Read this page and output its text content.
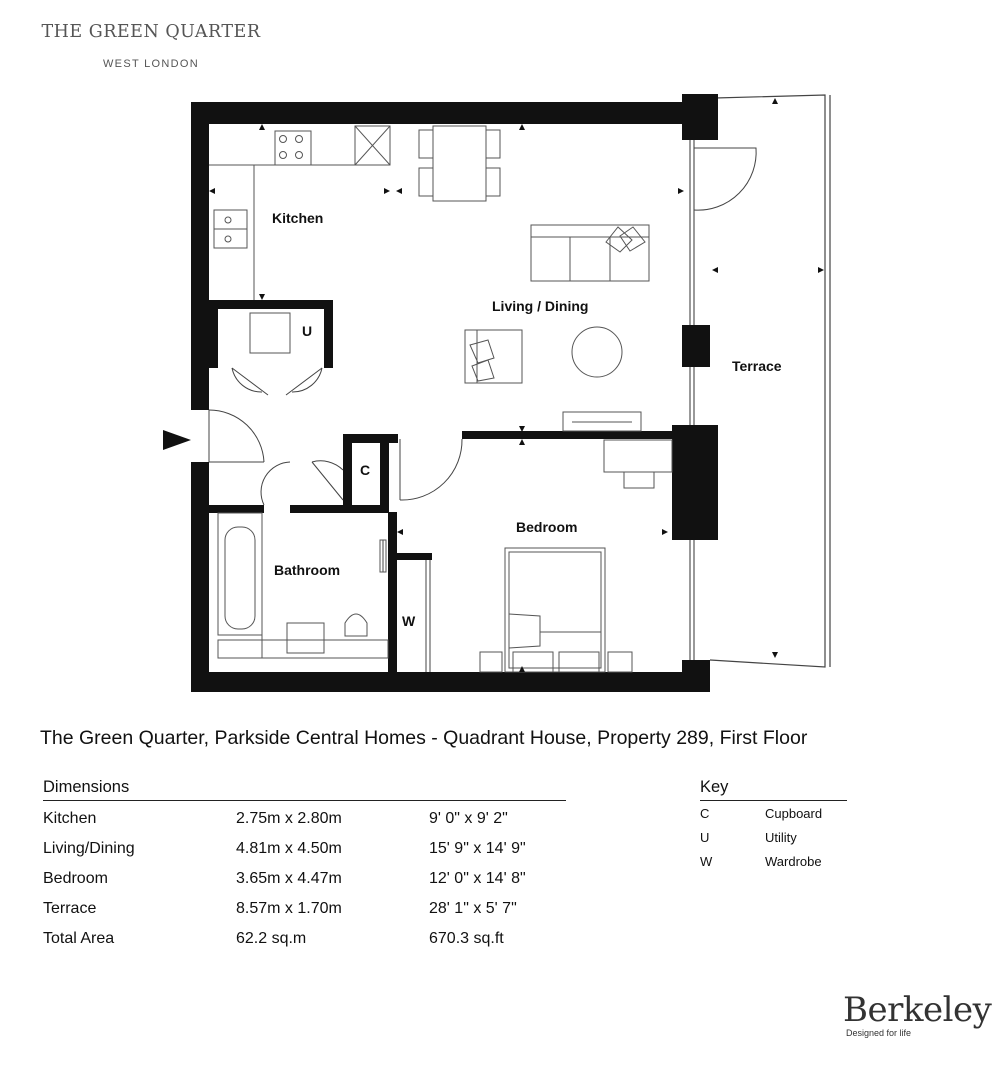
THE GREEN QUARTER
WEST LONDON
Kitchen
Living / Dining
Terrace
Bedroom
Bathroom
U
C
W
The Green Quarter, Parkside Central Homes - Quadrant House, Property 289, First Floor
Dimensions
Kitchen	2.75m x 2.80m	9' 0" x 9' 2"
Living/Dining	4.81m x 4.50m	15' 9" x 14' 9"
Bedroom	3.65m x 4.47m	12' 0" x 14' 8"
Terrace	8.57m x 1.70m	28' 1" x 5' 7"
Total Area	62.2 sq.m	670.3 sq.ft
Key
C	Cupboard
U	Utility
W	Wardrobe
Berkeley
Designed for life
